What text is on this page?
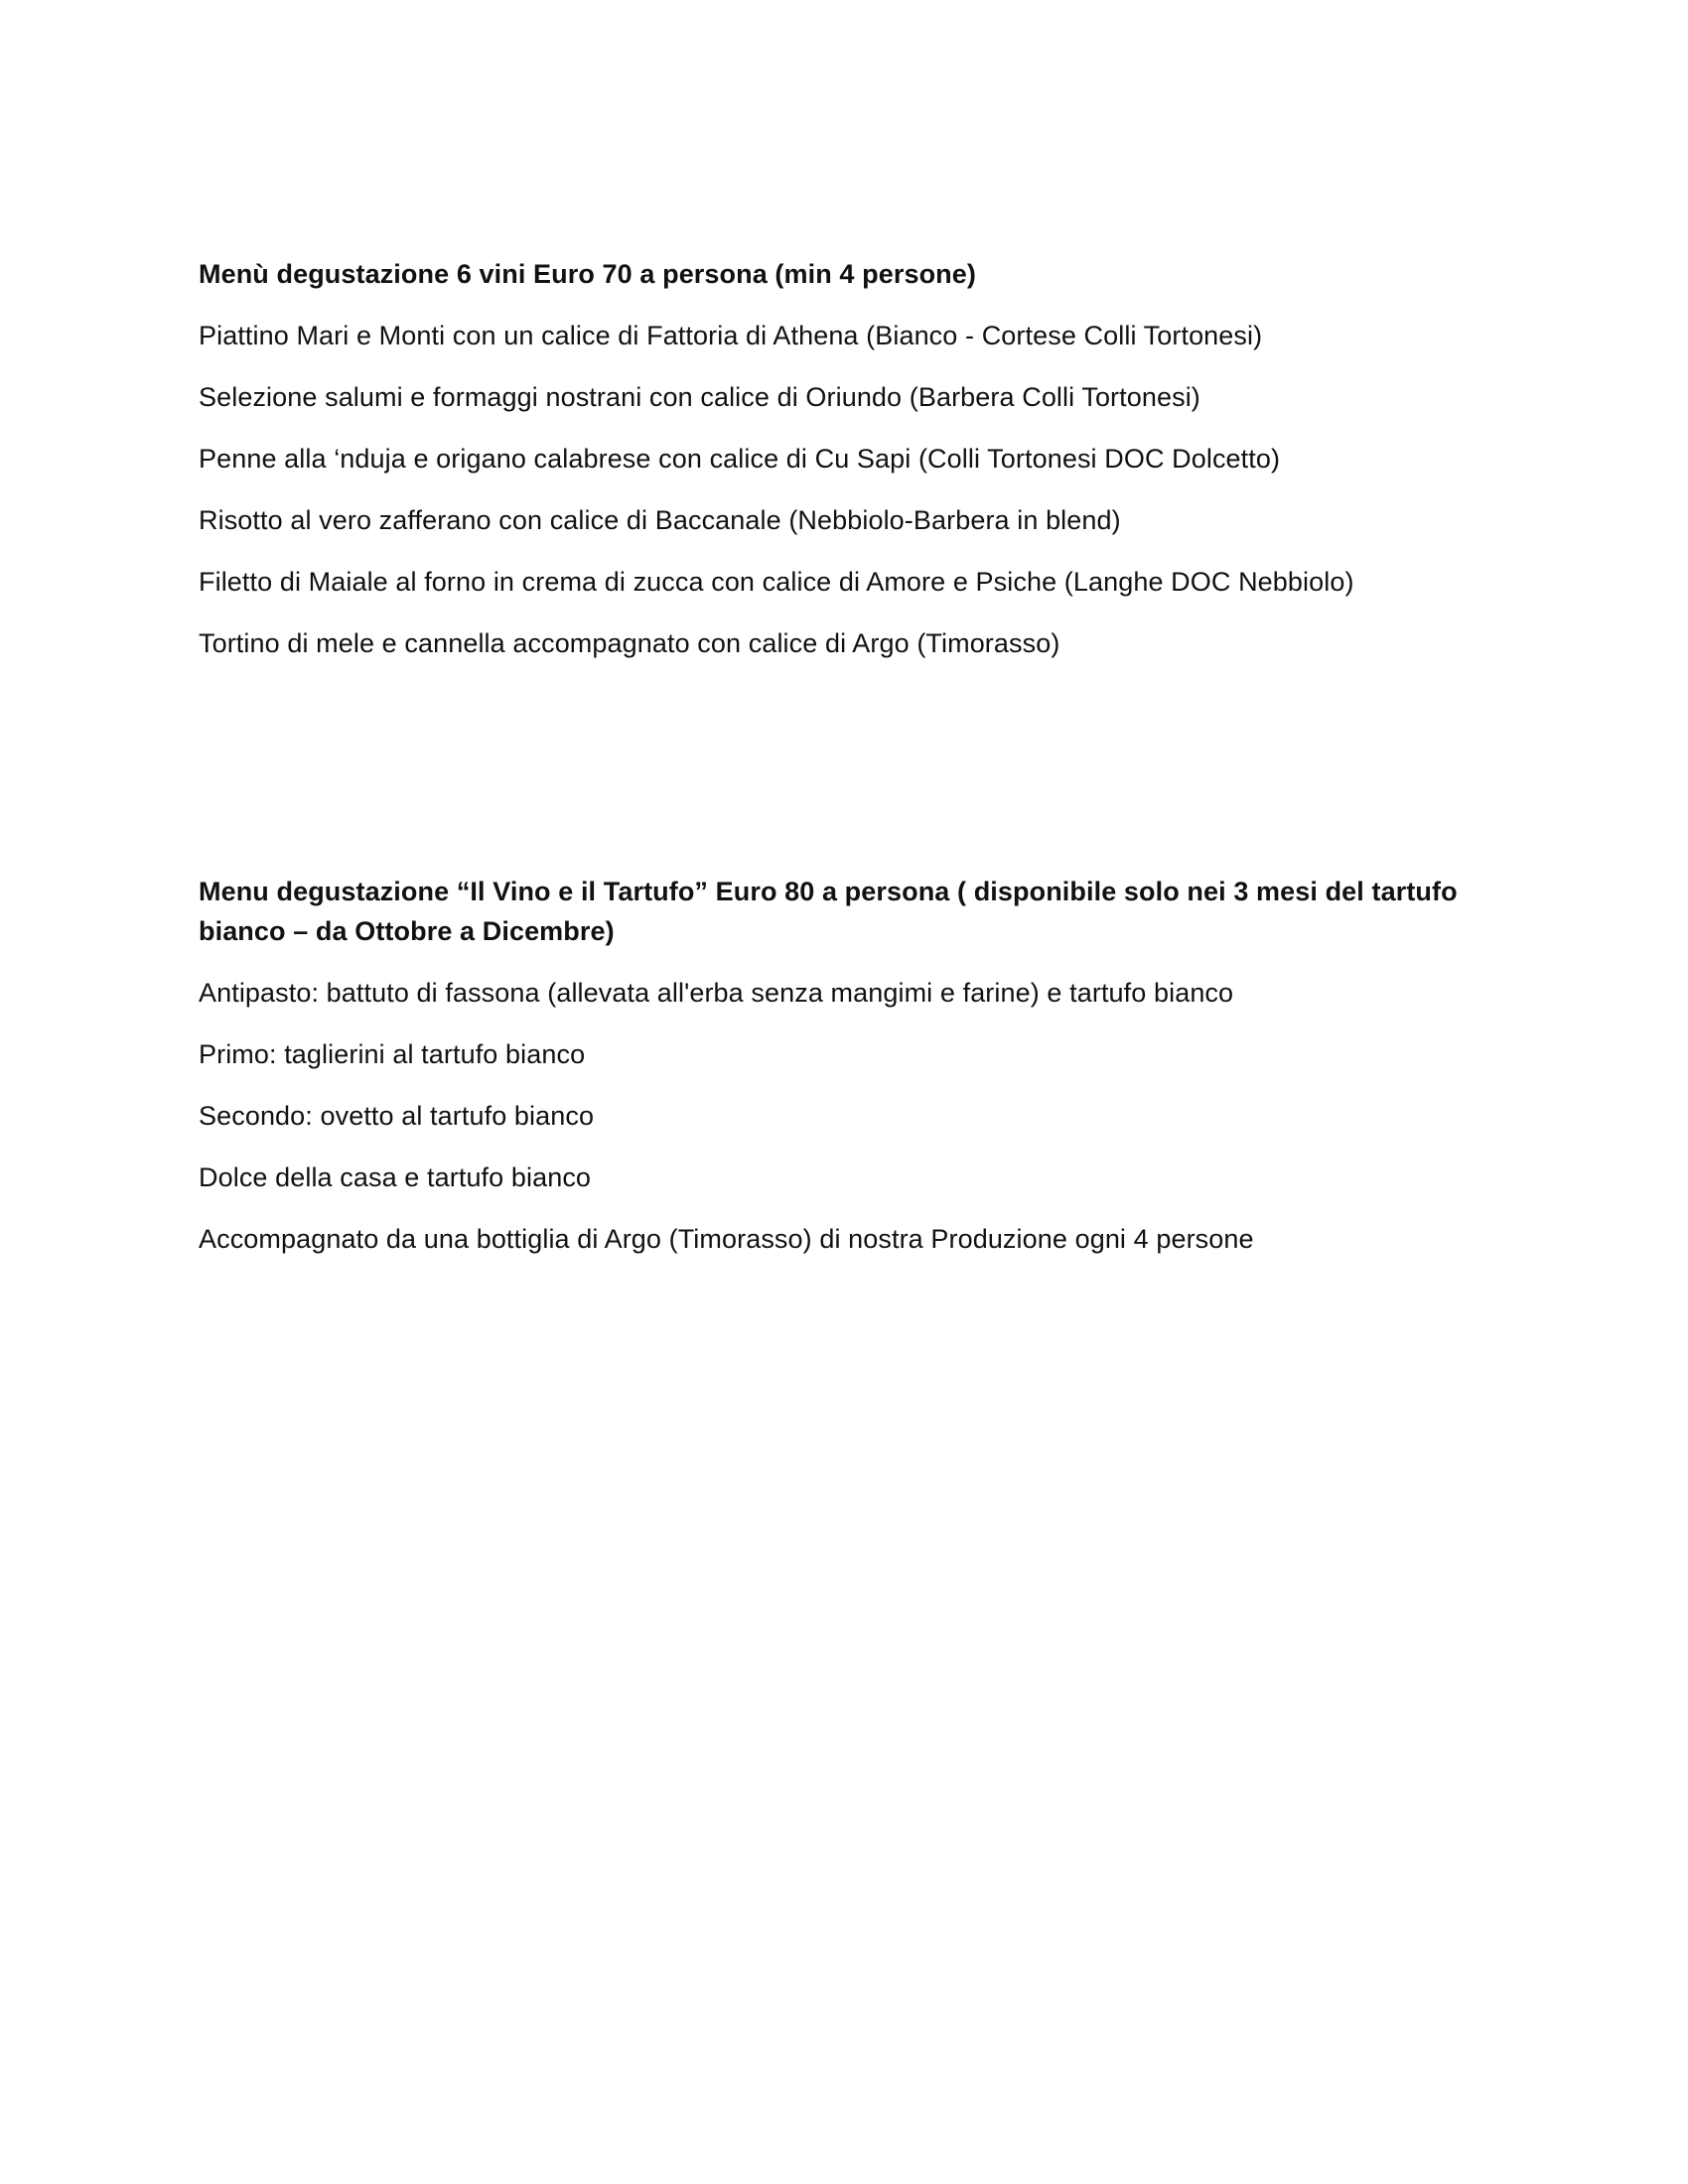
Menù degustazione 6 vini Euro 70 a persona (min 4 persone)
Piattino Mari e Monti con un calice di Fattoria di Athena (Bianco - Cortese Colli Tortonesi)
Selezione salumi e formaggi nostrani con calice di Oriundo (Barbera Colli Tortonesi)
Penne alla ‘nduja e origano calabrese con calice di Cu Sapi (Colli Tortonesi DOC Dolcetto)
Risotto al vero zafferano con calice di Baccanale (Nebbiolo-Barbera in blend)
Filetto di Maiale al forno in crema di zucca con calice di Amore e Psiche (Langhe DOC Nebbiolo)
Tortino di mele e cannella accompagnato con calice di Argo (Timorasso)
Menu degustazione “Il Vino e il Tartufo” Euro 80 a persona ( disponibile solo nei 3 mesi del tartufo
bianco – da Ottobre a Dicembre)
Antipasto: battuto di fassona (allevata all'erba senza mangimi e farine) e tartufo bianco
Primo: taglierini al tartufo bianco
Secondo: ovetto al tartufo bianco
Dolce della casa e tartufo bianco
Accompagnato da una bottiglia di Argo (Timorasso) di nostra Produzione ogni 4 persone
